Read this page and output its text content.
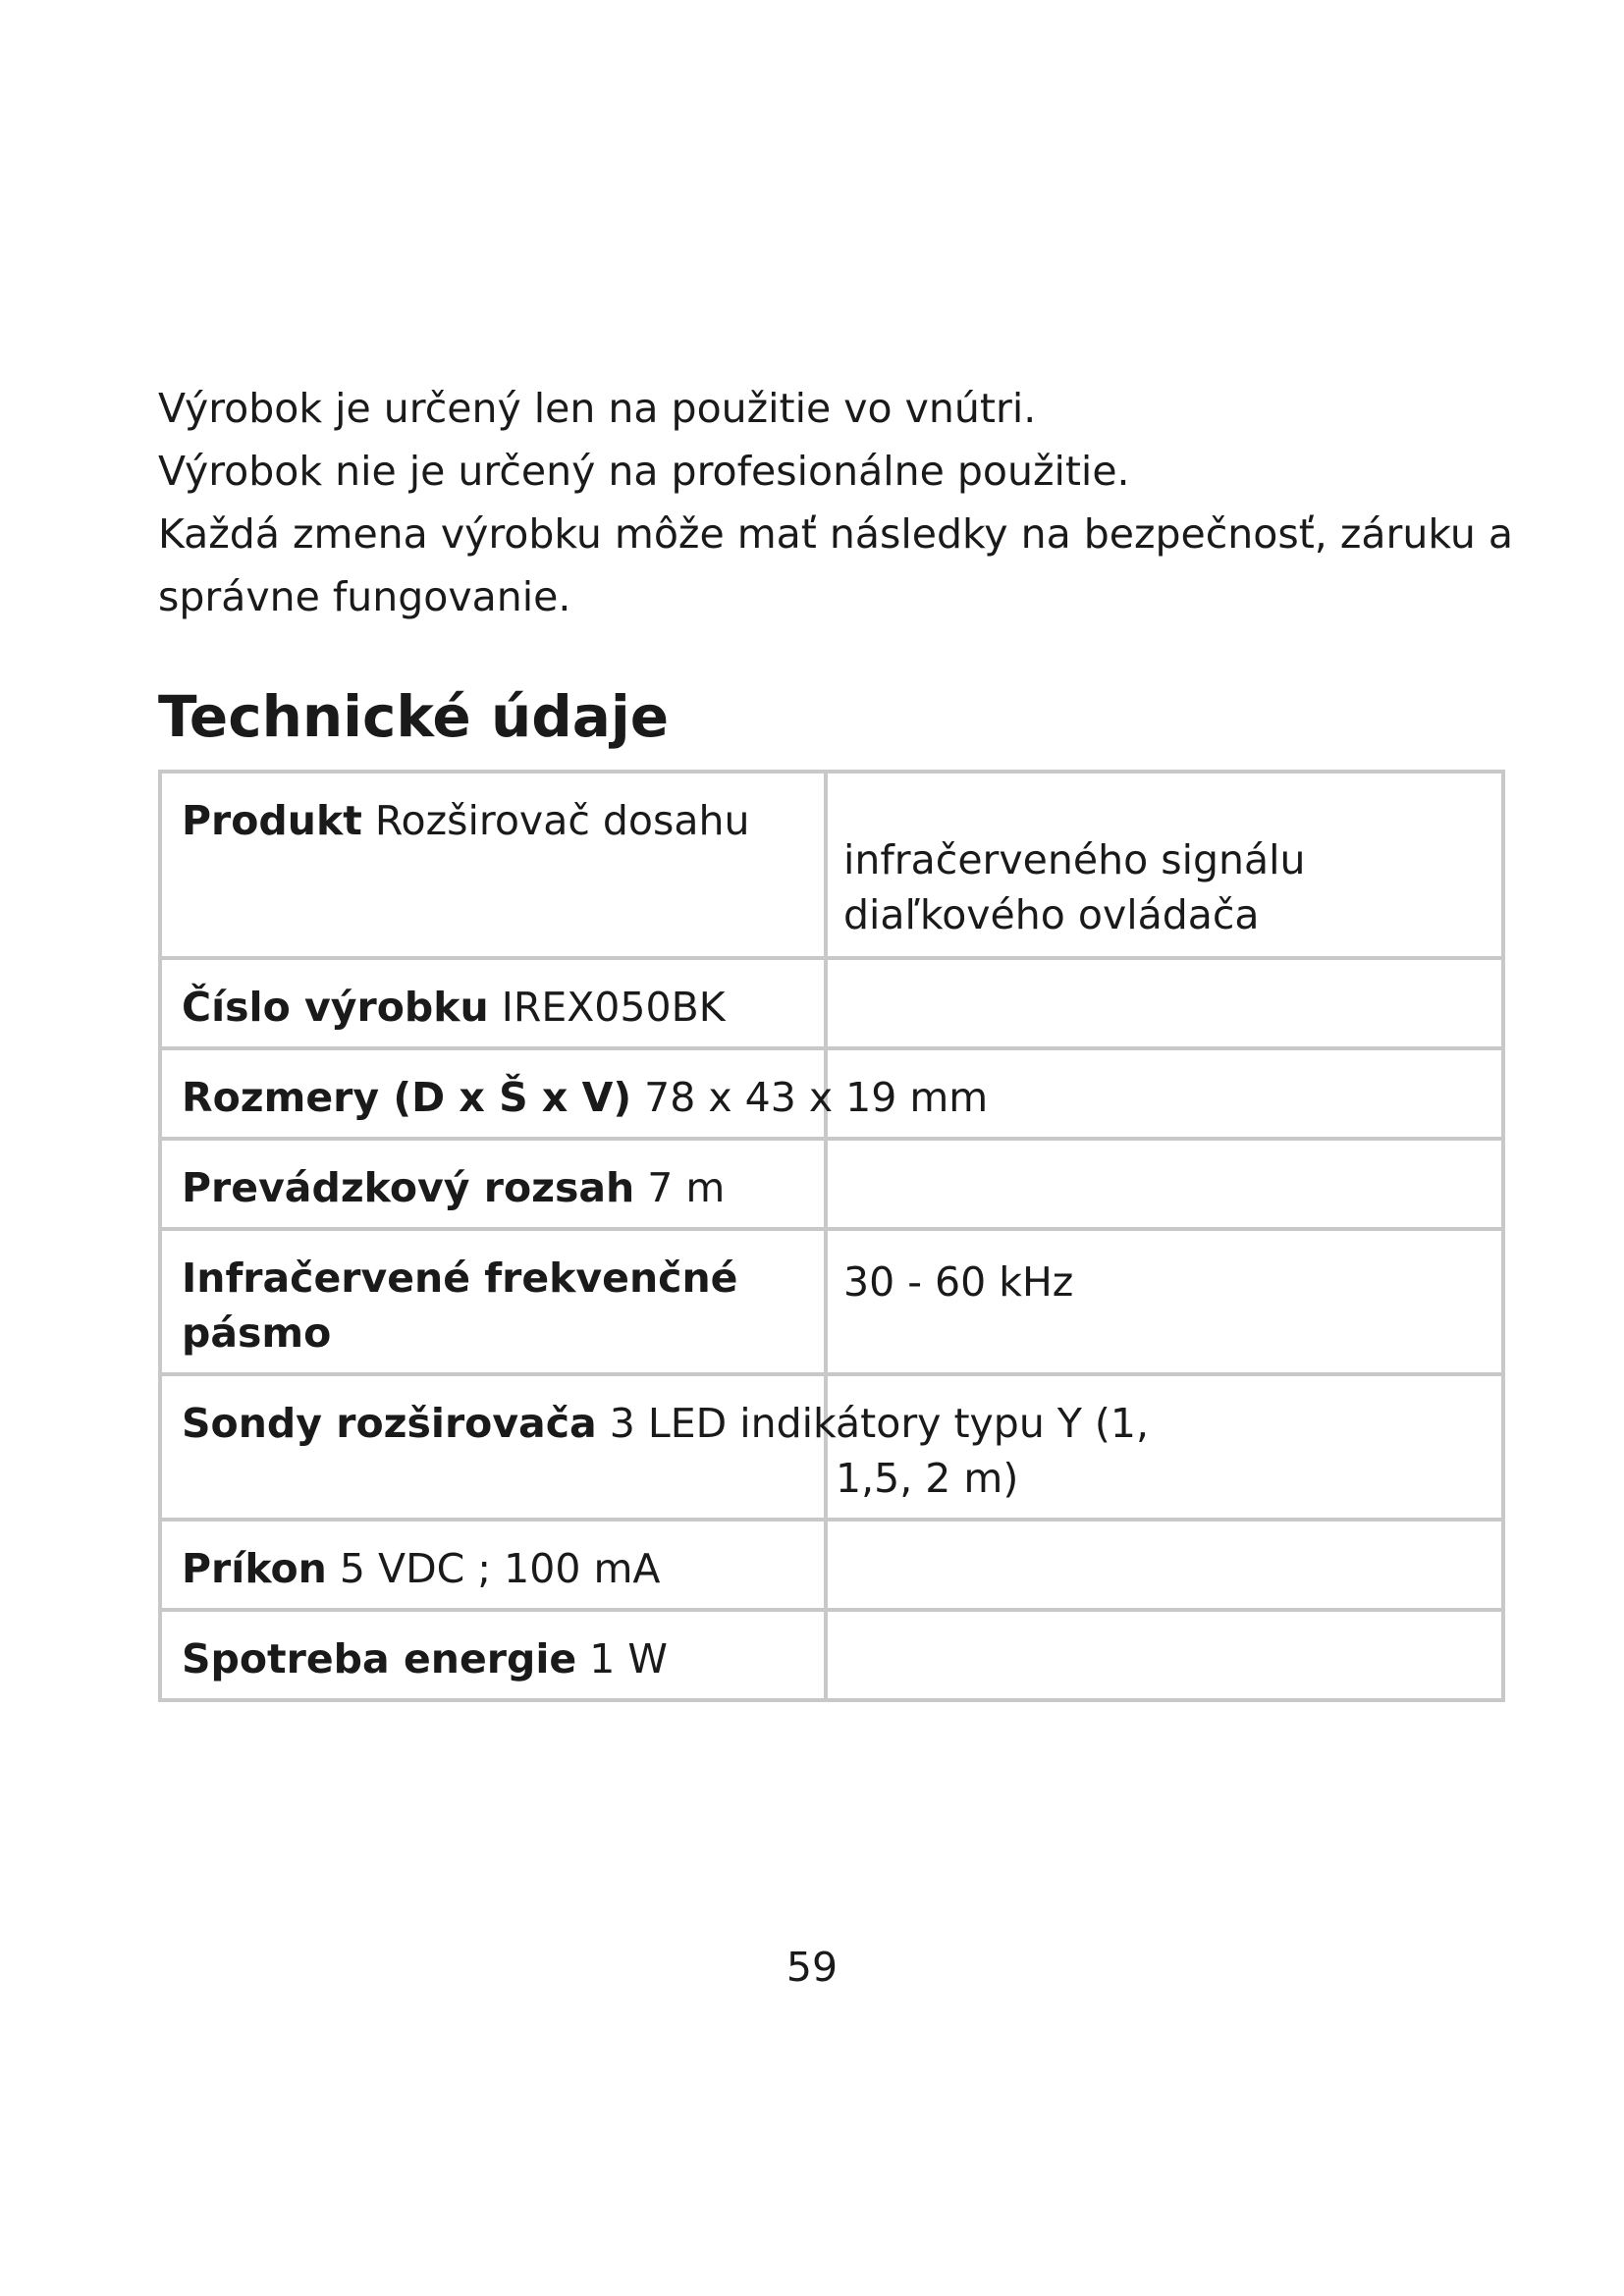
Výrobok je určený len na použitie vo vnútri.
Výrobok nie je určený na profesionálne použitie.
Každá zmena výrobku môže mať následky na bezpečnosť, záruku a
správne fungovanie.
Technické údaje
Produkt Rozširovač dosahu	infračerveného signálu
diaľkového ovládača

Číslo výrobku IREX050BK	
Rozmery (D x Š x V) 78 x 43 x 19 mm	
Prevádzkový rozsah 7 m	

Infračervené frekvenčné
pásmo	30 - 60 kHz

Sondy rozširovača 3 LED indikátory typu Y (1,
1,5, 2 m)	

Príkon 5 VDC ; 100 mA	
Spotreba energie 1 W	
59
